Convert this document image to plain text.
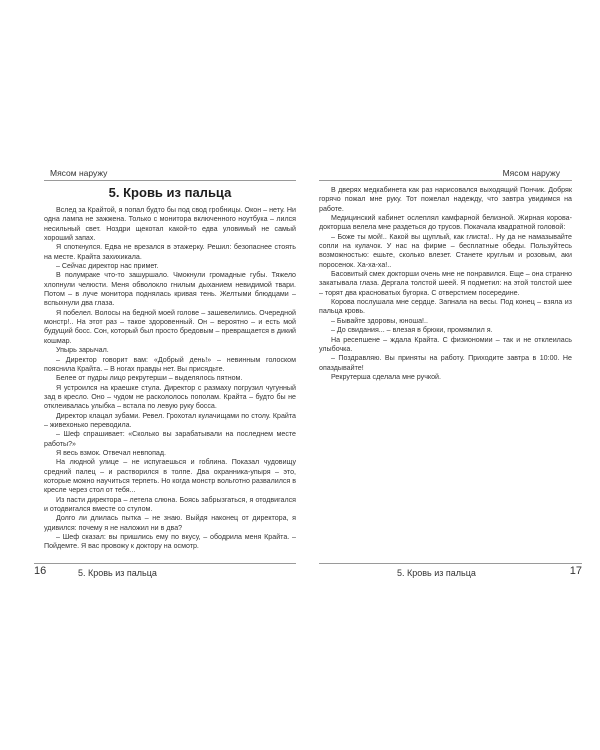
Мясом наружу
5. Кровь из пальца

Вслед за Крайтой, я попал будто бы под свод гробницы. Окон – нету. Ни одна лампа не зажжена. Только с монитора включенного ноутбука – лился несильный свет. Ноздри щекотал какой-то едва уловимый не самый хороший запах.

Я споткнулся. Едва не врезался в этажерку. Решил: безопаснее стоять на месте. Крайта захихикала.

– Сейчас директор нас примет.

В полумраке что-то зашуршало. Чмокнули громадные губы. Тяжело хлопнули челюсти. Меня обволокло гнилым дыханием невидимой твари. Потом – в луче монитора поднялась кривая тень. Желтыми блюдцами – вспыхнули два глаза.

Я побелел. Волосы на бедной моей голове – зашевелились. Очередной монстр!.. На этот раз – такое здоровенный. Он – вероятно – и есть мой будущий босс. Сон, который был просто бредовым – превращается в дикий кошмар.

Упырь зарычал.

– Директор говорит вам: «Добрый день!» – невинным голоском пояснила Крайта. – В ногах правды нет. Вы присядьте.

Белее от пудры лицо рекрутерши – выделялось пятном.

Я устроился на краешке стула. Директор с размаху погрузил чугунный зад в кресло. Оно – чудом не раскололось пополам. Крайта – будто бы не отклеивалась улыбка – встала по левую руку босса.

Директор клацал зубами. Ревел. Грохотал кулачищами по столу. Крайта – живехонько переводила.

– Шеф спрашивает: «Сколько вы зарабатывали на последнем месте работы?»

Я весь взмок. Отвечал невпопад.

На людной улице – не испугаешься и гоблина. Показал чудовищу средний палец – и растворился в толпе. Два охранника-упыря – это, которые можно научиться терпеть. Но когда монстр вольготно развалился в кресле через стол от тебя...

Из пасти директора – летела слюна. Боясь забрызгаться, я отодвигался и отодвигался вместе со стулом.

Долго ли длилась пытка – не знаю. Выйдя наконец от директора, я удивился: почему я не наложил ни в два?

– Шеф сказал: вы пришлись ему по вкусу, – ободрила меня Крайта. – Пойдемте. Я вас провожу к доктору на осмотр.

Мясом наружу

В дверях медкабинета как раз нарисовался выходящий Пончик. Добряк горячо пожал мне руку. Тот пожелал надежду, что завтра увидимся на работе.

Медицинский кабинет ослеплял камфарной белизной. Жирная корова-докторша велела мне раздеться до трусов. Покачала квадратной головой:

– Боже ты мой!.. Какой вы щуплый, как глиста!.. Ну да не намазывайте сопли на кулачок. У нас на фирме – бесплатные обеды. Пользуйтесь возможностью: ешьте, сколько влезет. Станете круглым и розовым, аки поросенок. Ха-ха-ха!..

Басовитый смех докторши очень мне не понравился. Еще – она странно закатывала глаза. Дергала толстой шеей. Я подметил: на этой толстой шее – торят два красноватых бугорка. С отверстием посередине.

Корова послушала мне сердце. Запнала на весы. Под конец – взяла из пальца кровь.

– Бывайте здоровы, юноша!..

– До свидания... – влезая в брюки, промямлил я.

На ресепшене – ждала Крайта. С физиономии – так и не отклеилась улыбочка.

– Поздравляю. Вы приняты на работу. Приходите завтра в 10:00. Не опаздывайте!

Рекрутерша сделала мне ручкой.

16	5. Кровь из пальца	5. Кровь из пальца	17
